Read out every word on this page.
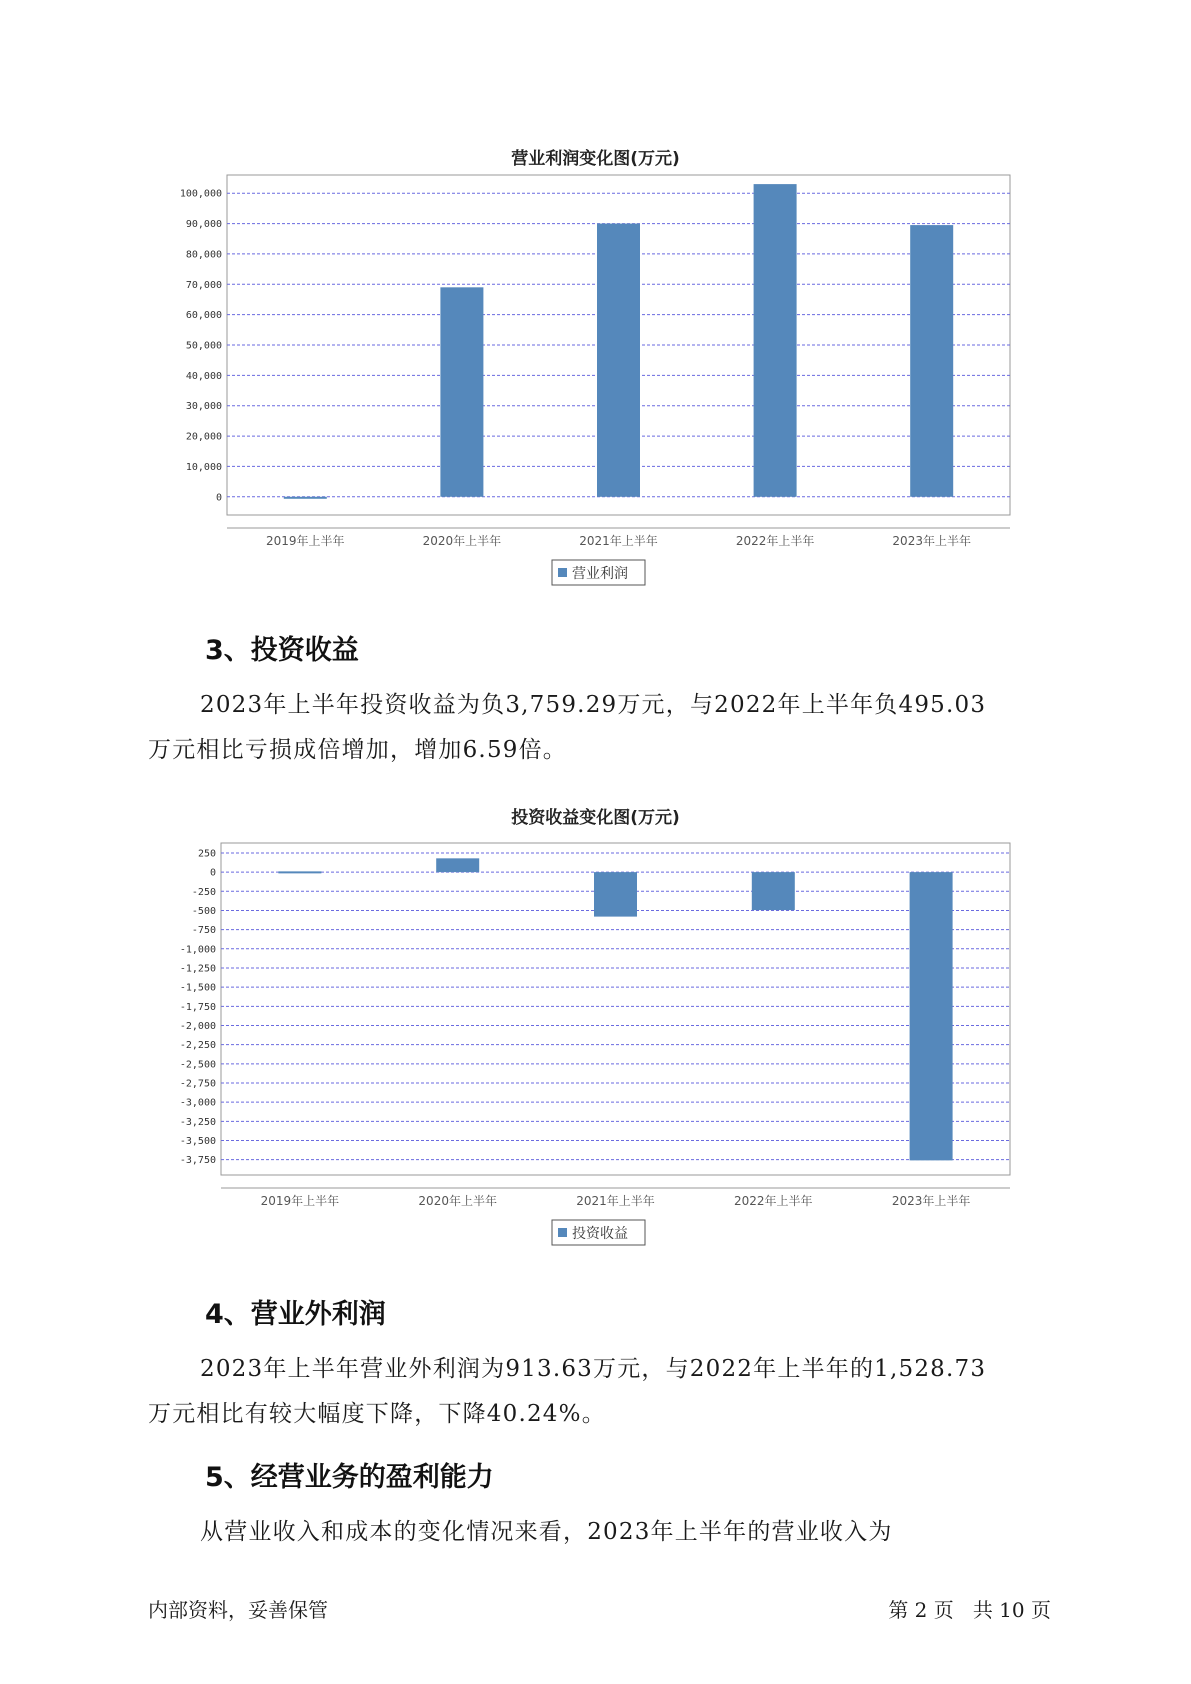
营业利润变化图(万元)
100,000
90,000
80,000
70,000
60,000
50,000
40,000
30,000
20,000
10,000
0
2019年上半年	2020年上半年	2021年上半年	2022年上半年	2023年上半年
营业利润
3、投资收益

2023年上半年投资收益为负3,759.29万元，与2022年上半年负495.03

万元相比亏损成倍增加，增加6.59倍。

投资收益变化图(万元)
250
0
-250
-500
-750
-1,000
-1,250
-1,500
-1,750
-2,000
-2,250
-2,500
-2,750
-3,000
-3,250
-3,500
-3,750
2019年上半年	2020年上半年	2021年上半年	2022年上半年	2023年上半年
投资收益
4、营业外利润

2023年上半年营业外利润为913.63万元，与2022年上半年的1,528.73

万元相比有较大幅度下降，下降40.24%。

5、经营业务的盈利能力

从营业收入和成本的变化情况来看，2023年上半年的营业收入为

内部资料，妥善保管	第 2 页   共 10 页
